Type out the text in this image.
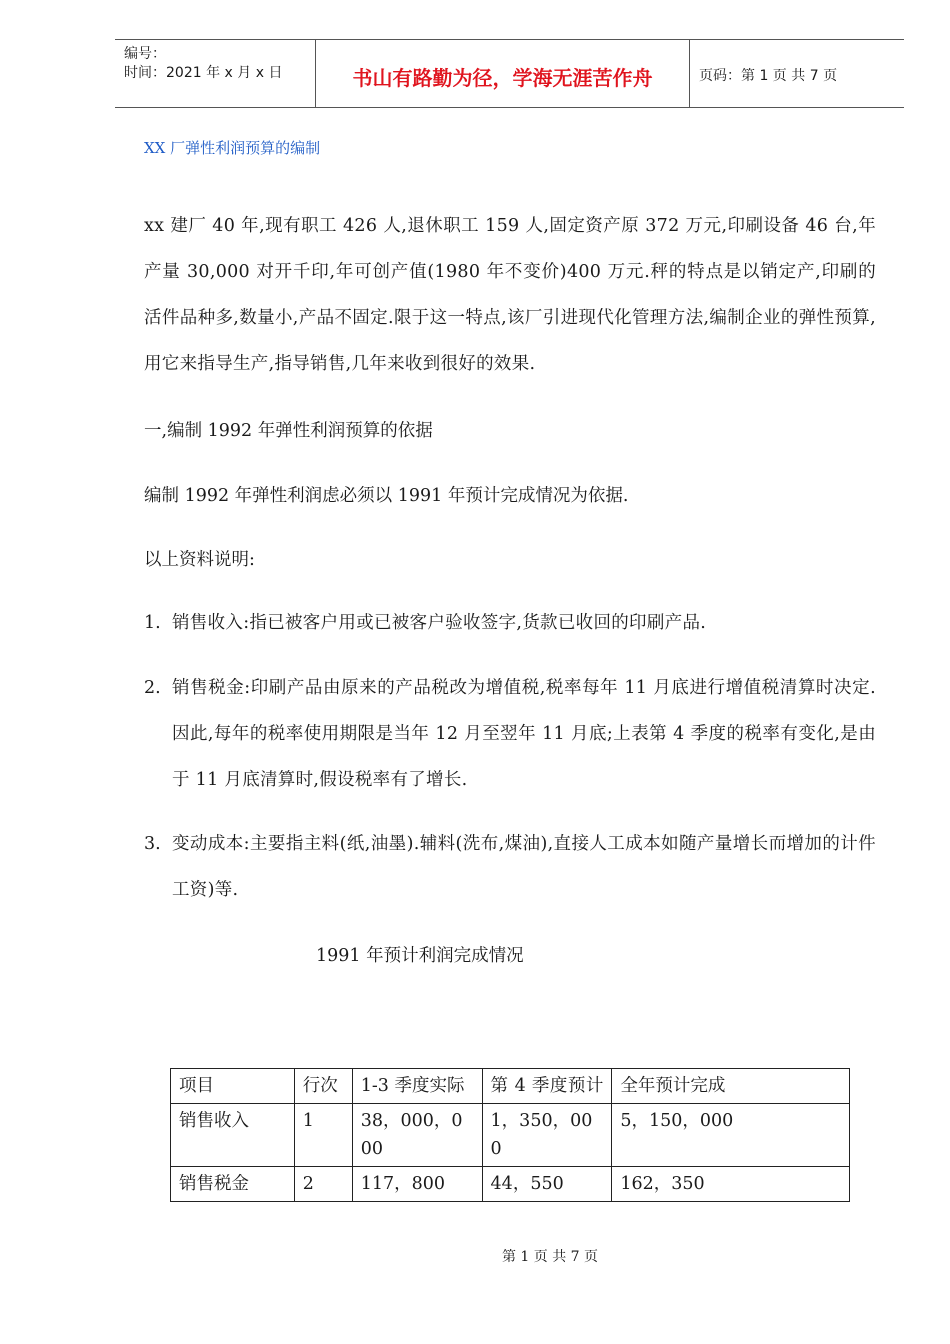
编号：
时间：2021 年 x 月 x 日	书山有路勤为径，学海无涯苦作舟	页码：第 1 页 共 7 页
XX 厂弹性利润预算的编制
xx 建厂 40 年,现有职工 426 人,退休职工 159 人,固定资产原 372 万元,印刷设备 46 台,年产量 30,000 对开千印,年可创产值(1980 年不变价)400 万元.秤的特点是以销定产,印刷的活件品种多,数量小,产品不固定.限于这一特点,该厂引进现代化管理方法,编制企业的弹性预算,用它来指导生产,指导销售,几年来收到很好的效果.
一,编制 1992 年弹性利润预算的依据
编制 1992 年弹性利润虑必须以 1991 年预计完成情况为依据.
以上资料说明:
1. 销售收入:指已被客户用或已被客户验收签字,货款已收回的印刷产品.
2. 销售税金:印刷产品由原来的产品税改为增值税,税率每年 11 月底进行增值税清算时决定.因此,每年的税率使用期限是当年 12 月至翌年 11 月底;上表第 4 季度的税率有变化,是由于 11 月底清算时,假设税率有了增长.
3. 变动成本:主要指主料(纸,油墨).辅料(洗布,煤油),直接人工成本如随产量增长而增加的计件工资)等.
1991 年预计利润完成情况
项目	行次	1-3 季度实际	第 4 季度预计	全年预计完成
销售收入	1	38，000，000	1，350，000	5，150，000
销售税金	2	117，800	44，550	162，350
第 1 页 共 7 页
